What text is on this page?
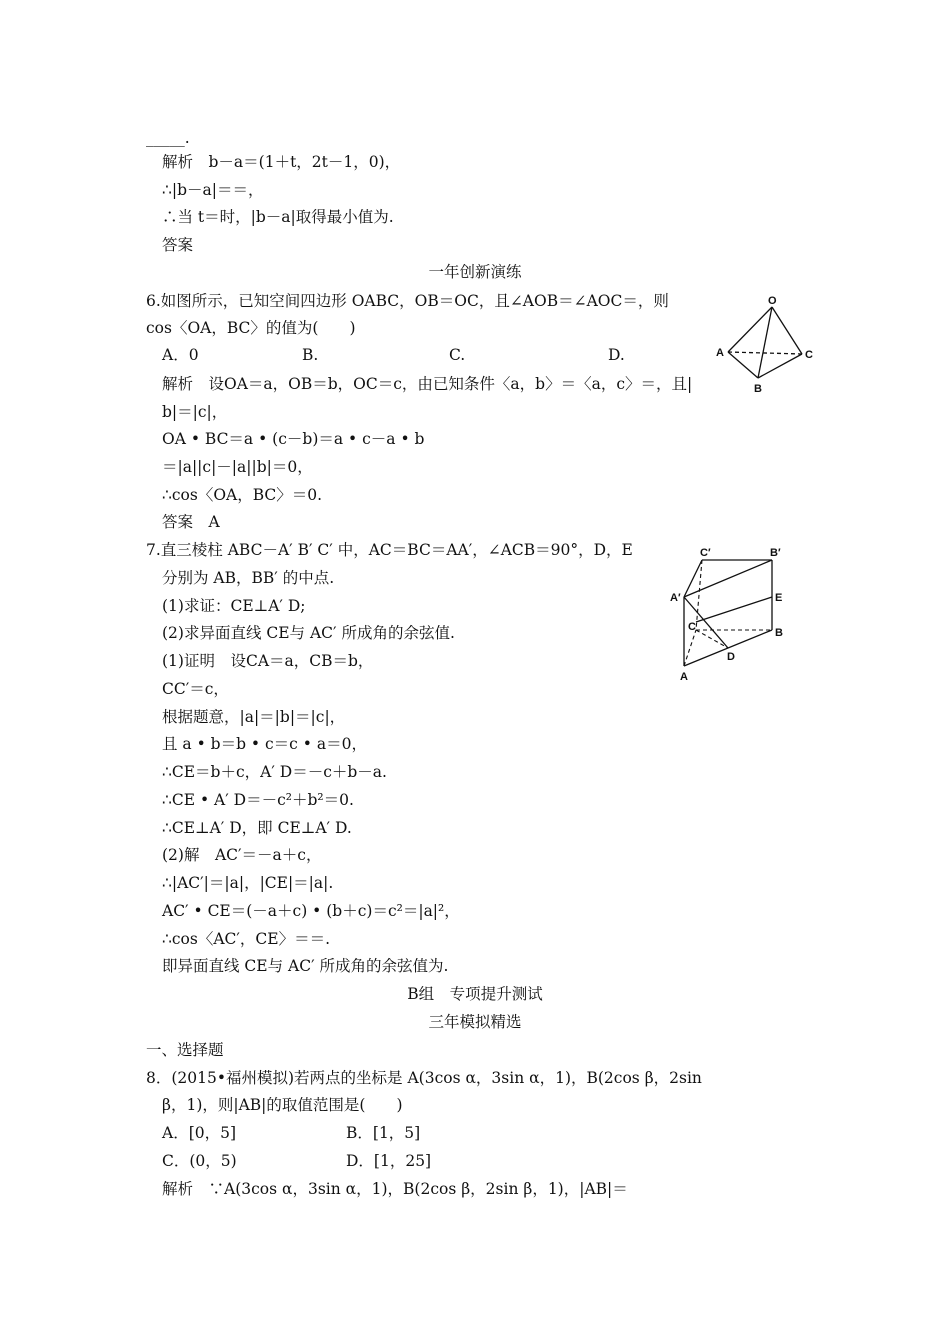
_____.
解析　b－a＝(1＋t，2t－1，0)，
∴|b－a|＝＝，
∴当 t＝时，|b－a|取得最小值为.
答案
一年创新演练
6.如图所示，已知空间四边形 OABC，OB＝OC，且∠AOB＝∠AOC＝，则
cos〈OA，BC〉的值为(　　)
A．0	B.	C.	D.
解析　设OA＝a，OB＝b，OC＝c，由已知条件〈a，b〉＝〈a，c〉＝，且|
b|＝|c|，
OA • BC＝a • (c－b)＝a • c－a • b
＝|a||c|－|a||b|＝0，
∴cos〈OA，BC〉＝0.
答案　A
7.直三棱柱 ABC－A′ B′ C′ 中，AC＝BC＝AA′，∠ACB＝90°，D，E
分别为 AB，BB′ 的中点.
(1)求证：CE⊥A′ D;
(2)求异面直线 CE与 AC′ 所成角的余弦值.
(1)证明　设CA＝a，CB＝b，
CC′＝c，
根据题意，|a|＝|b|＝|c|，
且 a • b＝b • c＝c • a＝0，
∴CE＝b＋c，A′ D＝－c＋b－a.
∴CE • A′ D＝－c²＋b²＝0.
∴CE⊥A′ D，即 CE⊥A′ D.
(2)解　AC′＝－a＋c，
∴|AC′|＝|a|，|CE|＝|a|.
AC′ • CE＝(－a＋c) • (b＋c)＝c²＝|a|²，
∴cos〈AC′，CE〉＝＝.
即异面直线 CE与 AC′ 所成角的余弦值为.
B组　专项提升测试
三年模拟精选
一、选择题
8．(2015•福州模拟)若两点的坐标是 A(3cos α，3sin α，1)，B(2cos β，2sin
β，1)，则|AB|的取值范围是(　　)
A．[0，5]	B．[1，5]
C．(0，5)	D．[1，25]
解析　∵A(3cos α，3sin α，1)，B(2cos β，2sin β，1)，|AB|＝
O
A
B
C
C′	B′
A′	E
C	B
D
A
